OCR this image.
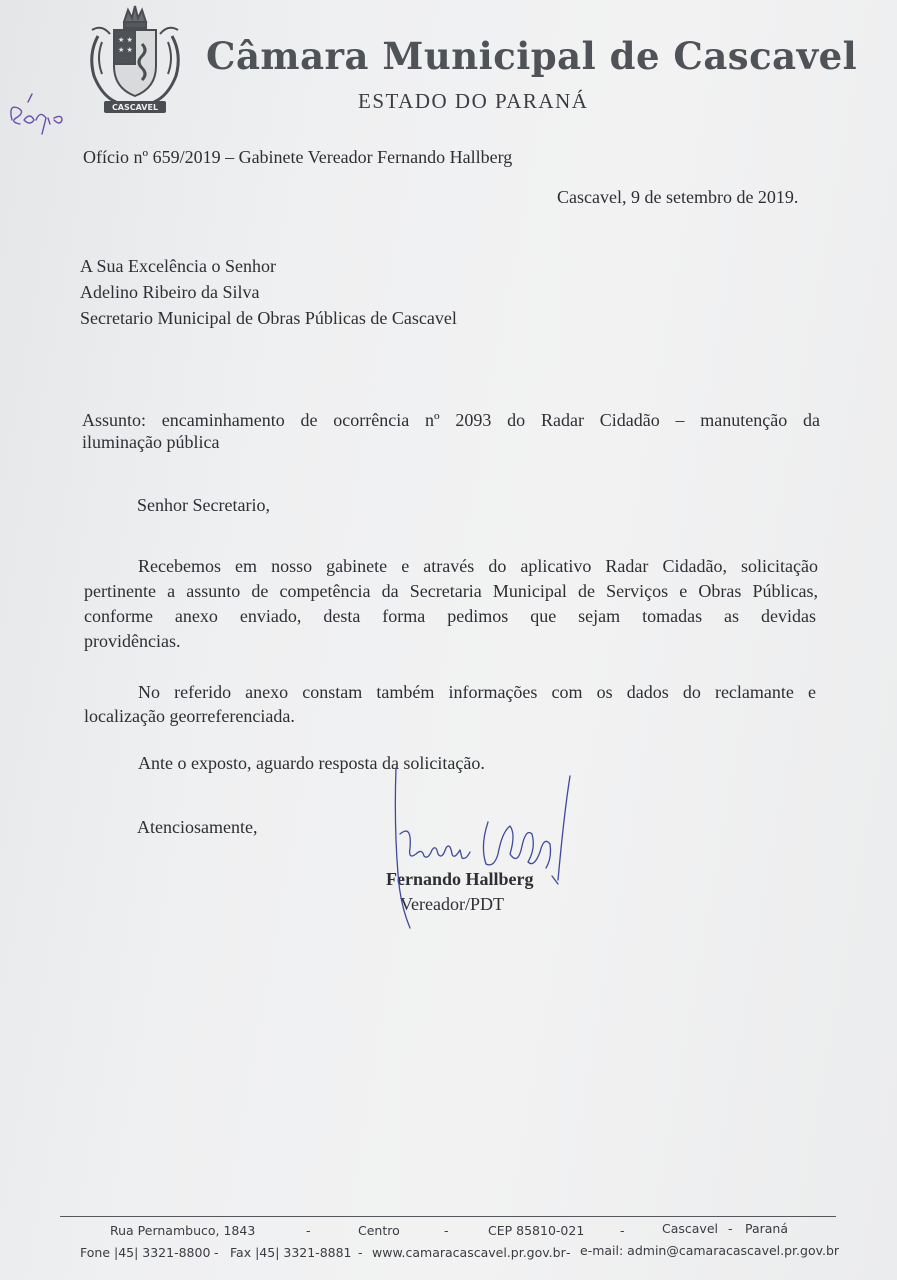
★ ★
★ ★
CASCAVEL
Câmara Municipal de Cascavel
ESTADO DO PARANÁ
Ofício nº 659/2019 – Gabinete Vereador Fernando Hallberg
Cascavel, 9 de setembro de 2019.
A Sua Excelência o Senhor
Adelino Ribeiro da Silva
Secretario Municipal de Obras Públicas de Cascavel
Assunto: encaminhamento de ocorrência nº 2093 do Radar Cidadão – manutenção da
iluminação pública
Senhor Secretario,
Recebemos em nosso gabinete e através do aplicativo Radar Cidadão, solicitação
pertinente a assunto de competência da Secretaria Municipal de Serviços e Obras Públicas,
conforme anexo enviado, desta forma pedimos que sejam tomadas as devidas
providências.
No referido anexo constam também informações com os dados do reclamante e
localização georreferenciada.
Ante o exposto, aguardo resposta da solicitação.
Atenciosamente,
Fernando Hallberg
Vereador/PDT
Rua Pernambuco, 1843	-	Centro	-	CEP 85810-021	-	Cascavel - Paraná
Fone |45| 3321-8800 - Fax |45| 3321-8881 - www.camaracascavel.pr.gov.br - e-mail: admin@camaracascavel.pr.gov.br
